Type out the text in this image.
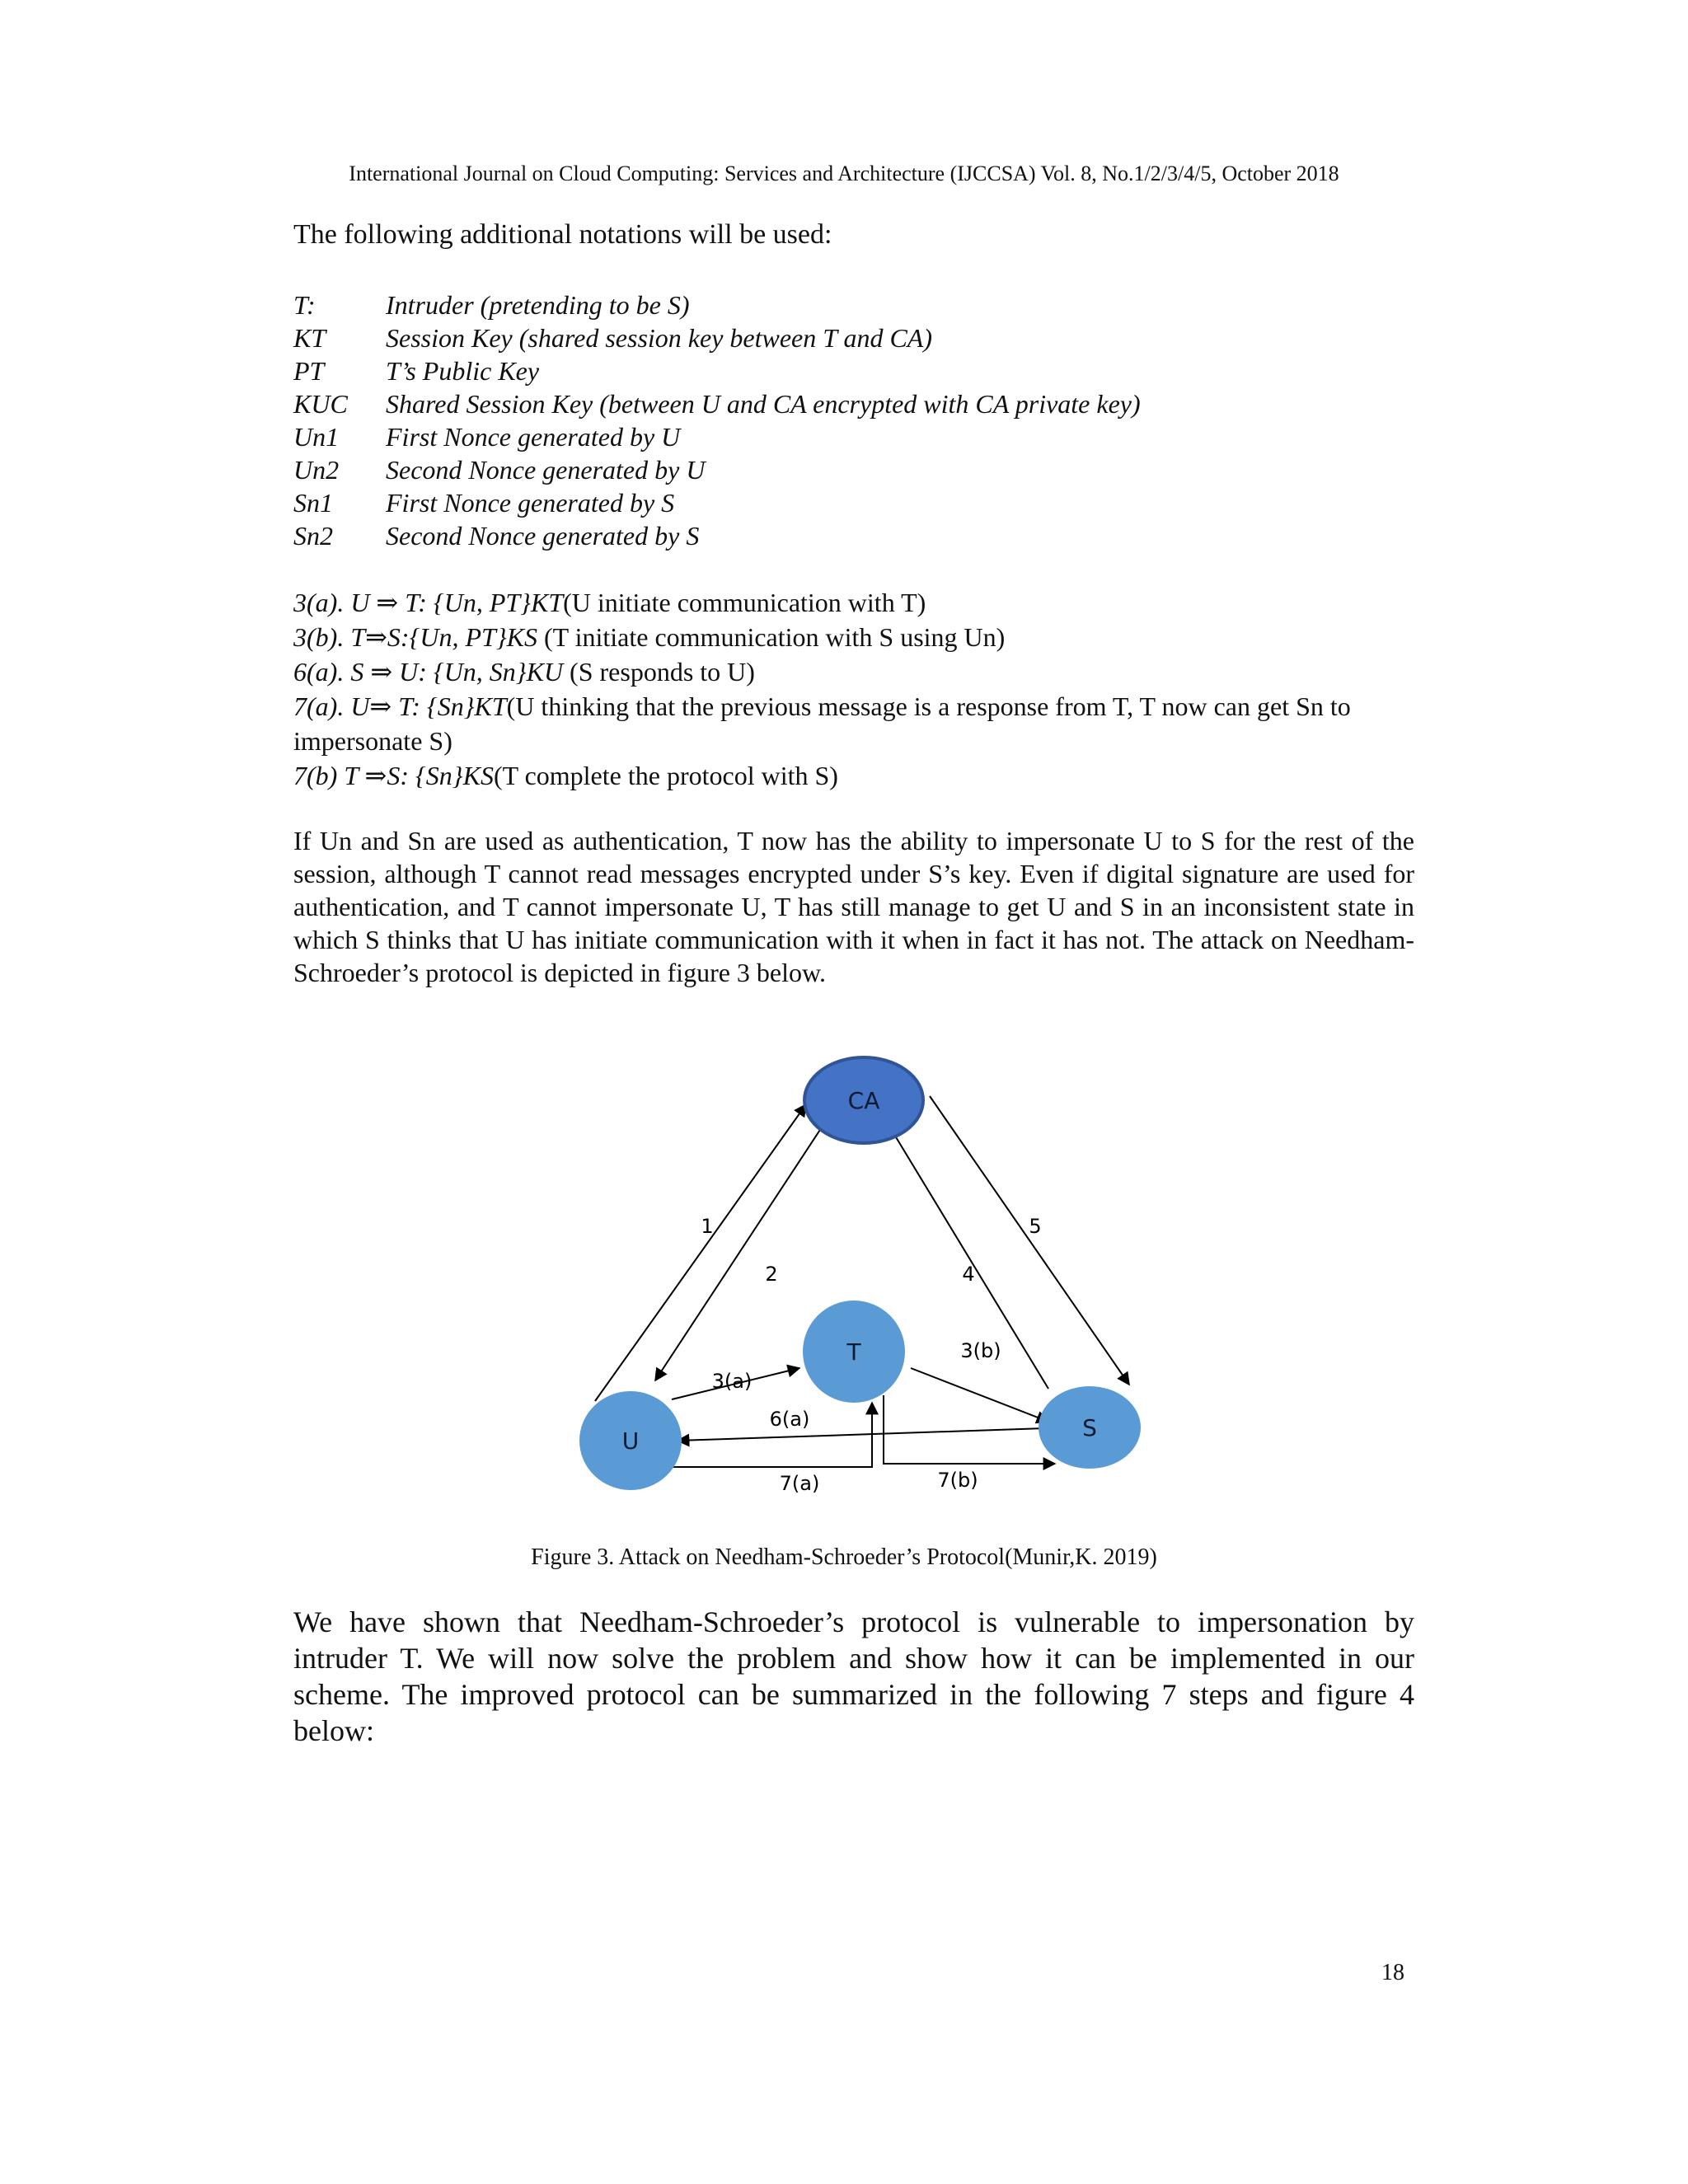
International Journal on Cloud Computing: Services and Architecture (IJCCSA) Vol. 8, No.1/2/3/4/5, October 2018
The following additional notations will be used:
T:	Intruder (pretending to be S)
KT	Session Key (shared session key between T and CA)
PT	T’s Public Key
KUC	Shared Session Key (between U and CA encrypted with CA private key)
Un1	First Nonce generated by U
Un2	Second Nonce generated by U
Sn1	First Nonce generated by S
Sn2	Second Nonce generated by S

3(a). U ⇒ T: {Un, PT}KT(U initiate communication with T)

3(b). T⇒S:{Un, PT}KS (T initiate communication with S using Un)

6(a). S ⇒ U: {Un, Sn}KU (S responds to U)

7(a). U⇒ T: {Sn}KT(U thinking that the previous message is a response from T, T now can get Sn to impersonate S)

7(b) T ⇒S: {Sn}KS(T complete the protocol with S)

If Un and Sn are used as authentication, T now has the ability to impersonate U to S for the rest of the session, although T cannot read messages encrypted under S’s key. Even if digital signature are used for authentication, and T cannot impersonate U, T has still manage to get U and S in an inconsistent state in which S thinks that U has initiate communication with it when in fact it has not. The attack on Needham-Schroeder’s protocol is depicted in figure 3 below.
CA
T
U	S
1
2	4
5
3(a)
3(b)
6(a)
7(a)	7(b)
Figure 3. Attack on Needham-Schroeder’s Protocol(Munir,K. 2019)
We have shown that Needham-Schroeder’s protocol is vulnerable to impersonation by intruder T. We will now solve the problem and show how it can be implemented in our scheme. The improved protocol can be summarized in the following 7 steps and figure 4 below:
18
